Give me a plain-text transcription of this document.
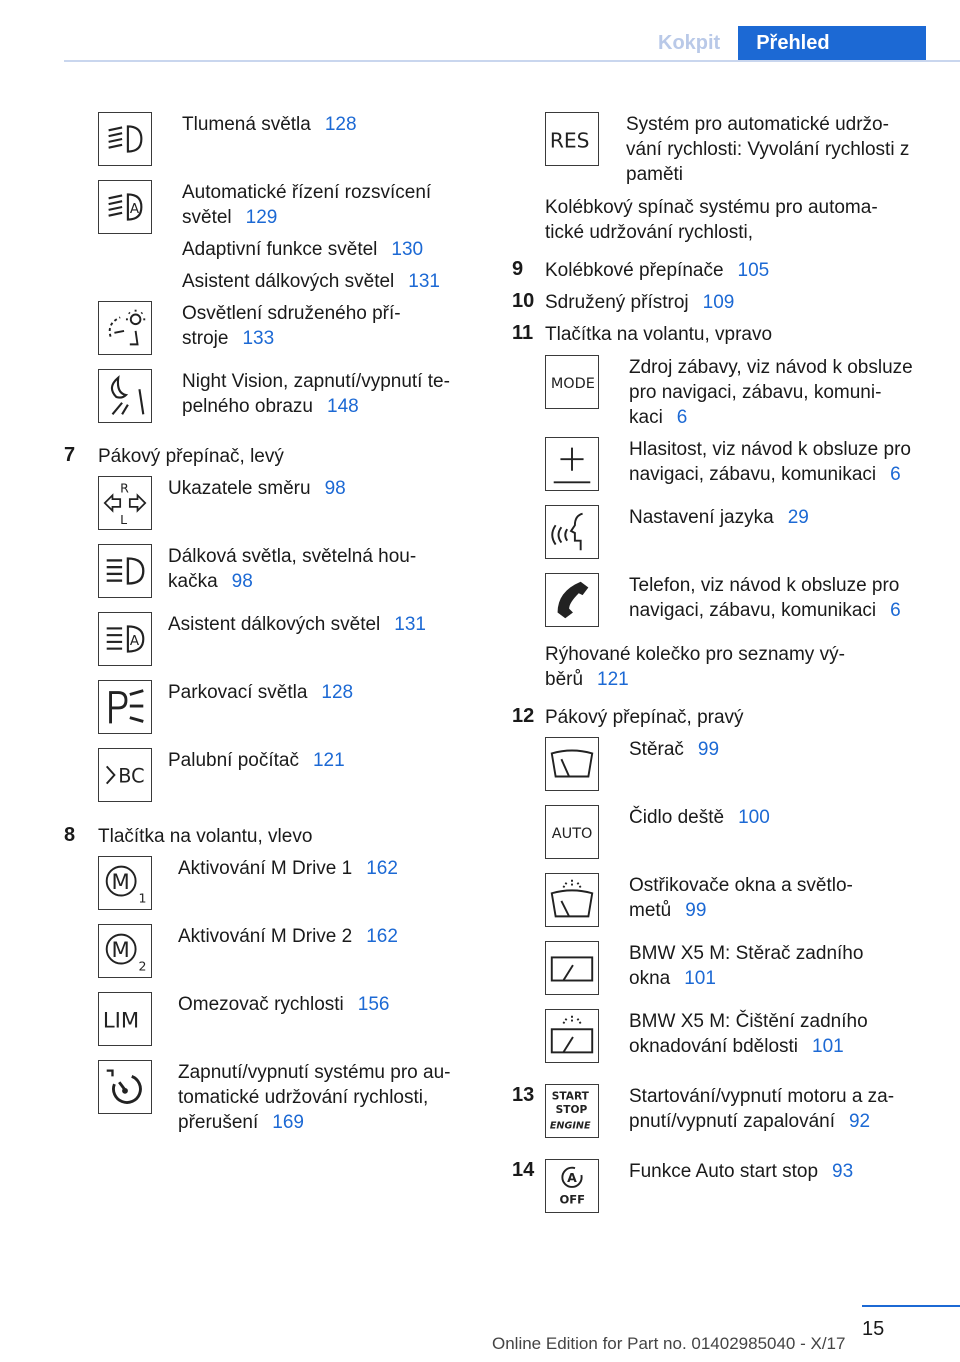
Kokpit	Přehled
Tlumená světla 128
A
Automatické řízení rozsvícení
světel 129
Adaptivní funkce světel 130
Asistent dálkových světel 131
Osvětlení sdruženého pří-
stroje 133
Night Vision, zapnutí/vypnutí te-
pelného obrazu 148
7 Pákový přepínač, levý
R
L
Ukazatele směru 98
Dálková světla, světelná hou-
kačka 98
A
Asistent dálkových světel 131
Parkovací světla 128
BC
Palubní počítač 121
8 Tlačítka na volantu, vlevo
M
1
Aktivování M Drive 1 162
M
2
Aktivování M Drive 2 162
LIM
Omezovač rychlosti 156
Zapnutí/vypnutí systému pro au-
tomatické udržování rychlosti,
přerušení 169
RES
Systém pro automatické udržo-
vání rychlosti: Vyvolání rychlosti z
paměti
Kolébkový spínač systému pro automa-
tické udržování rychlosti,
9 Kolébkové přepínače 105
10 Sdružený přístroj 109
11 Tlačítka na volantu, vpravo
MODE
Zdroj zábavy, viz návod k obsluze
pro navigaci, zábavu, komuni-
kaci 6
Hlasitost, viz návod k obsluze pro
navigaci, zábavu, komunikaci 6
Nastavení jazyka 29
Telefon, viz návod k obsluze pro
navigaci, zábavu, komunikaci 6
Rýhované kolečko pro seznamy vý-
běrů 121
12 Pákový přepínač, pravý
Stěrač 99
AUTO
Čidlo deště 100
Ostřikovače okna a světlo-
metů 99
BMW X5 M: Stěrač zadního
okna 101
BMW X5 M: Čištění zadního
oknadování bdělosti 101
13 START
STOP
ENGINE
Startování/vypnutí motoru a za-
pnutí/vypnutí zapalování 92
14	A
OFF
Funkce Auto start stop 93
15
Online Edition for Part no. 01402985040 - X/17
